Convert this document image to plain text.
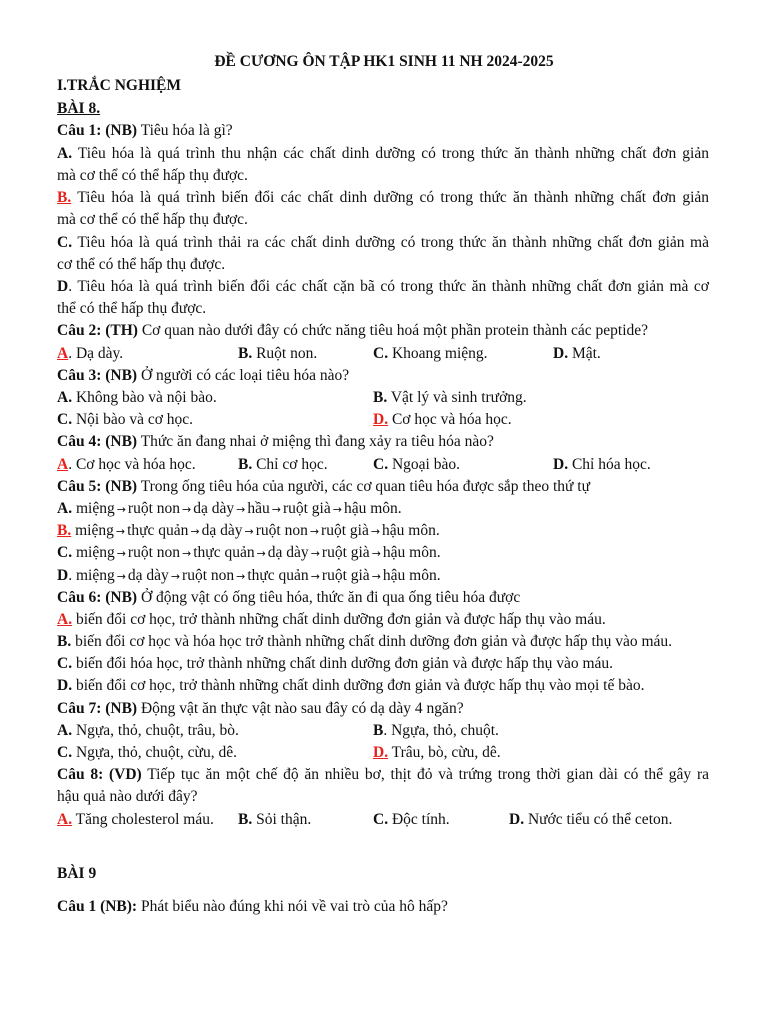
ĐỀ CƯƠNG ÔN TẬP HK1 SINH 11 NH 2024-2025
I.TRẮC NGHIỆM
BÀI 8.
Câu 1: (NB) Tiêu hóa là gì?
A. Tiêu hóa là quá trình thu nhận các chất dinh dưỡng có trong thức ăn thành những chất đơn giản
mà cơ thể có thể hấp thụ được.
B. Tiêu hóa là quá trình biến đổi các chất dinh dưỡng có trong thức ăn thành những chất đơn giản
mà cơ thể có thể hấp thụ được.
C. Tiêu hóa là quá trình thải ra các chất dinh dưỡng có trong thức ăn thành những chất đơn giản mà
cơ thể có thể hấp thụ được.
D. Tiêu hóa là quá trình biến đổi các chất cặn bã có trong thức ăn thành những chất đơn giản mà cơ
thể có thể hấp thụ được.
Câu 2: (TH) Cơ quan nào dưới đây có chức năng tiêu hoá một phần protein thành các peptide?
A. Dạ dày.	B. Ruột non.	C. Khoang miệng.	D. Mật.
Câu 3: (NB) Ở người có các loại tiêu hóa nào?
A. Không bào và nội bào.	B. Vật lý và sinh trưởng.
C. Nội bào và cơ học.	D. Cơ học và hóa học.
Câu 4: (NB) Thức ăn đang nhai ở miệng thì đang xảy ra tiêu hóa nào?
A. Cơ học và hóa học.	B. Chỉ cơ học.	C. Ngoại bào.	D. Chỉ hóa học.
Câu 5: (NB) Trong ống tiêu hóa của người, các cơ quan tiêu hóa được sắp theo thứ tự
A. miệng → ruột non → dạ dày → hầu → ruột già → hậu môn.
B. miệng → thực quản → dạ dày → ruột non → ruột già → hậu môn.
C. miệng → ruột non → thực quản → dạ dày → ruột già → hậu môn.
D. miệng → dạ dày → ruột non → thực quản → ruột già → hậu môn.
Câu 6: (NB) Ở động vật có ống tiêu hóa, thức ăn đi qua ống tiêu hóa được
A. biến đổi cơ học, trở thành những chất dinh dưỡng đơn giản và được hấp thụ vào máu.
B. biến đổi cơ học và hóa học trở thành những chất dinh dưỡng đơn giản và được hấp thụ vào máu.
C. biến đổi hóa học, trở thành những chất dinh dưỡng đơn giản và được hấp thụ vào máu.
D. biến đổi cơ học, trở thành những chất dinh dưỡng đơn giản và được hấp thụ vào mọi tế bào.
Câu 7: (NB) Động vật ăn thực vật nào sau đây có dạ dày 4 ngăn?
A. Ngựa, thỏ, chuột, trâu, bò.	B. Ngựa, thỏ, chuột.
C. Ngựa, thỏ, chuột, cừu, dê.	D. Trâu, bò, cừu, dê.
Câu 8: (VD) Tiếp tục ăn một chế độ ăn nhiều bơ, thịt đỏ và trứng trong thời gian dài có thể gây ra
hậu quả nào dưới đây?
A. Tăng cholesterol máu. B. Sỏi thận.	C. Độc tính.	D. Nước tiểu có thể ceton.
BÀI 9
Câu 1 (NB): Phát biểu nào đúng khi nói về vai trò của hô hấp?
